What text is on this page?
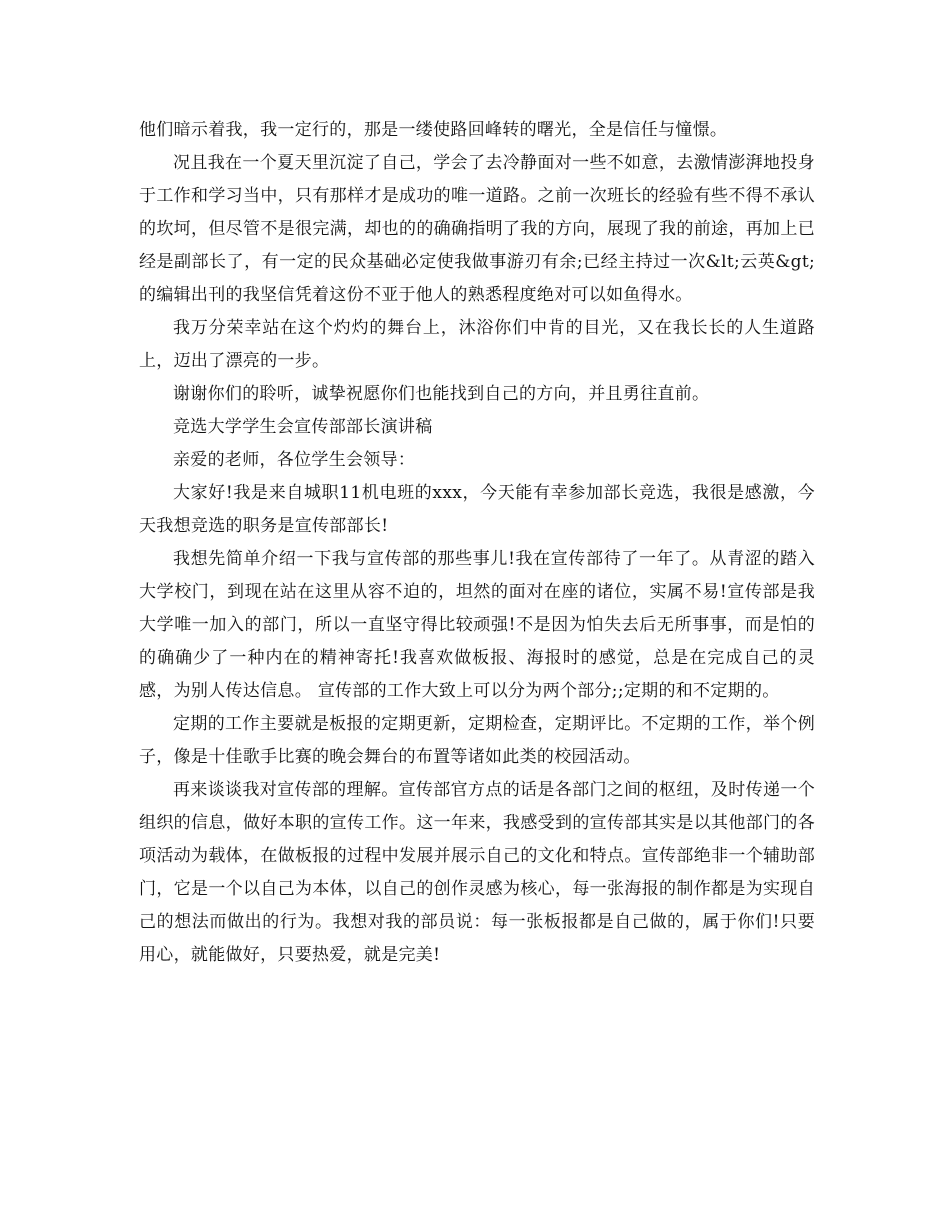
他们暗示着我，我一定行的，那是一缕使路回峰转的曙光，全是信任与憧憬。

况且我在一个夏天里沉淀了自己，学会了去冷静面对一些不如意，去激情澎湃地投身于工作和学习当中，只有那样才是成功的唯一道路。之前一次班长的经验有些不得不承认的坎坷，但尽管不是很完满，却也的的确确指明了我的方向，展现了我的前途，再加上已经是副部长了，有一定的民众基础必定使我做事游刃有余;已经主持过一次&lt;云英&gt;的编辑出刊的我坚信凭着这份不亚于他人的熟悉程度绝对可以如鱼得水。

我万分荣幸站在这个灼灼的舞台上，沐浴你们中肯的目光，又在我长长的人生道路上，迈出了漂亮的一步。

谢谢你们的聆听，诚挚祝愿你们也能找到自己的方向，并且勇往直前。

竞选大学学生会宣传部部长演讲稿

亲爱的老师，各位学生会领导：

大家好!我是来自城职11机电班的xxx，今天能有幸参加部长竞选，我很是感激，今天我想竞选的职务是宣传部部长!

我想先简单介绍一下我与宣传部的那些事儿!我在宣传部待了一年了。从青涩的踏入大学校门，到现在站在这里从容不迫的，坦然的面对在座的诸位，实属不易!宣传部是我大学唯一加入的部门，所以一直坚守得比较顽强!不是因为怕失去后无所事事，而是怕的的确确少了一种内在的精神寄托!我喜欢做板报、海报时的感觉，总是在完成自己的灵感，为别人传达信息。 宣传部的工作大致上可以分为两个部分;;定期的和不定期的。

定期的工作主要就是板报的定期更新，定期检查，定期评比。不定期的工作，举个例子，像是十佳歌手比赛的晚会舞台的布置等诸如此类的校园活动。

再来谈谈我对宣传部的理解。宣传部官方点的话是各部门之间的枢纽，及时传递一个组织的信息，做好本职的宣传工作。这一年来，我感受到的宣传部其实是以其他部门的各项活动为载体，在做板报的过程中发展并展示自己的文化和特点。宣传部绝非一个辅助部门，它是一个以自己为本体，以自己的创作灵感为核心，每一张海报的制作都是为实现自己的想法而做出的行为。我想对我的部员说：每一张板报都是自己做的，属于你们!只要用心，就能做好，只要热爱，就是完美!
